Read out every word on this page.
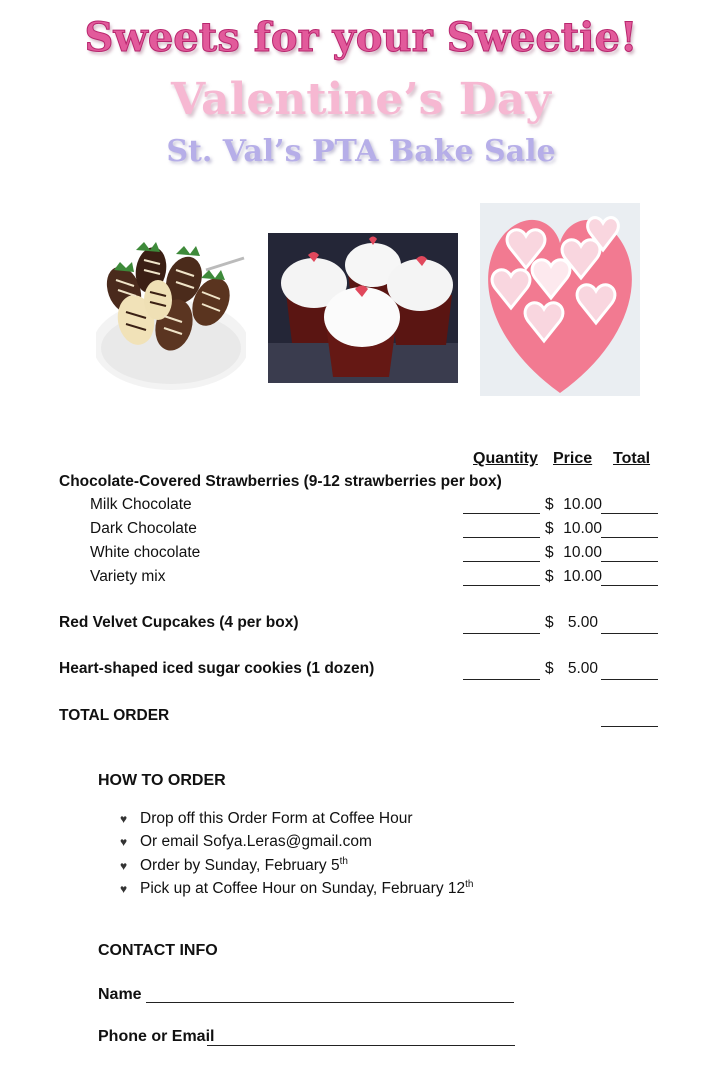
Sweets for your Sweetie!
Valentine’s Day
St. Val’s PTA Bake Sale
Quantity Price Total
Chocolate-Covered Strawberries (9-12 strawberries per box)
Milk Chocolate	$ 10.00
Dark Chocolate	$ 10.00
White chocolate	$ 10.00
Variety mix	$ 10.00
Red Velvet Cupcakes (4 per box)	$ 5.00
Heart-shaped iced sugar cookies (1 dozen)	$ 5.00
TOTAL ORDER
HOW TO ORDER
♥ Drop off this Order Form at Coffee Hour
♥ Or email Sofya.Leras@gmail.com
♥ Order by Sunday, February 5th
♥ Pick up at Coffee Hour on Sunday, February 12th
CONTACT INFO
Name
Phone or Email
